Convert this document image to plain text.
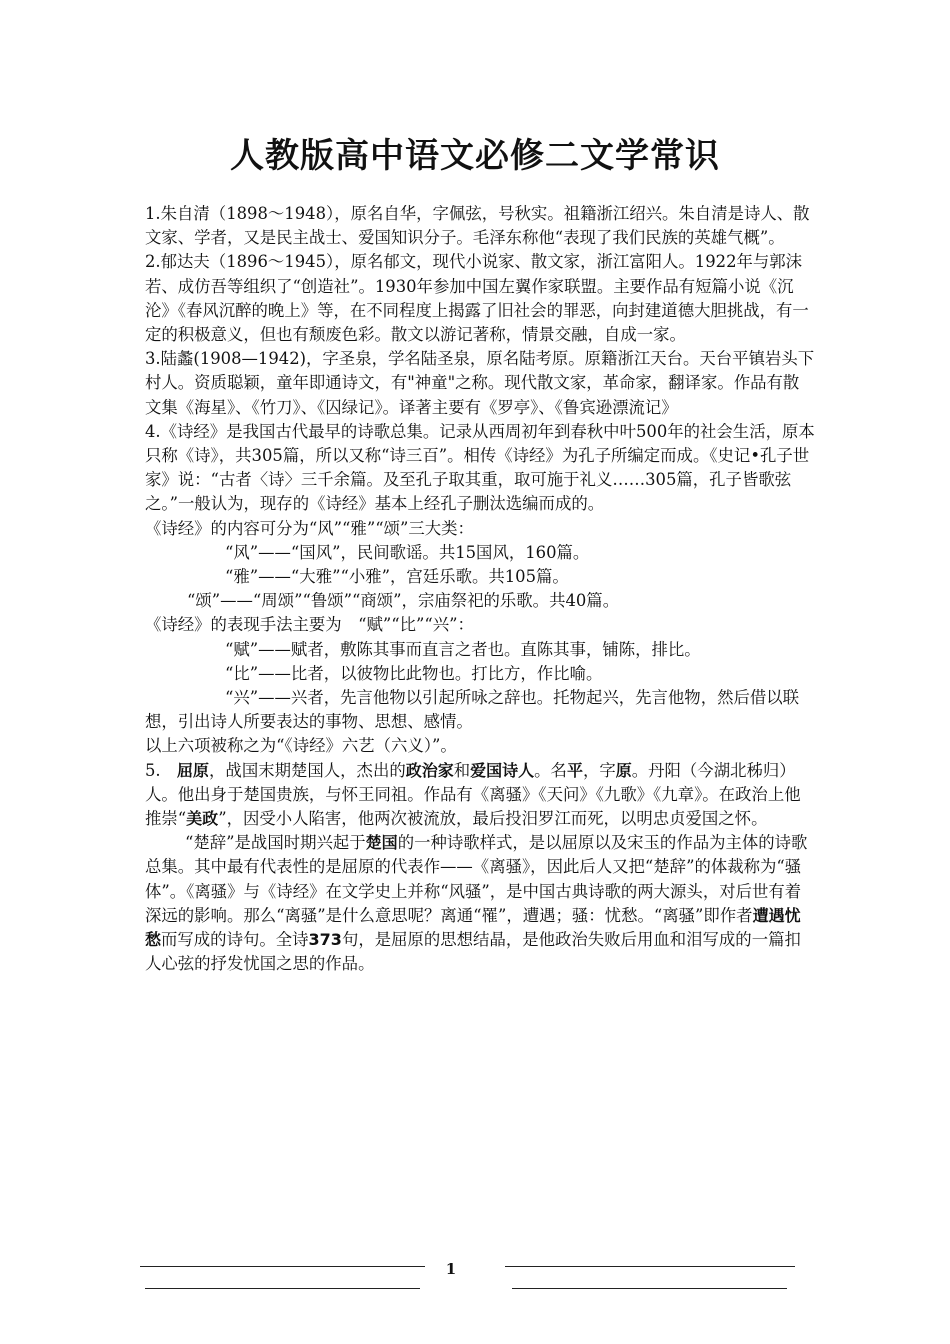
人教版高中语文必修二文学常识

1.朱自清（1898～1948），原名自华，字佩弦，号秋实。祖籍浙江绍兴。朱自清是诗人、散文家、学者，又是民主战士、爱国知识分子。毛泽东称他“表现了我们民族的英雄气概”。

2.郁达夫（1896～1945），原名郁文，现代小说家、散文家，浙江富阳人。1922年与郭沫若、成仿吾等组织了“创造社”。1930年参加中国左翼作家联盟。主要作品有短篇小说《沉沦》《春风沉醉的晚上》等，在不同程度上揭露了旧社会的罪恶，向封建道德大胆挑战，有一定的积极意义，但也有颓废色彩。散文以游记著称，情景交融，自成一家。

3.陆蠡(1908—1942)，字圣泉，学名陆圣泉，原名陆考原。原籍浙江天台。天台平镇岩头下村人。资质聪颖，童年即通诗文，有"神童"之称。现代散文家，革命家，翻译家。作品有散文集《海星》、《竹刀》、《囚绿记》。译著主要有《罗亭》、《鲁宾逊漂流记》

4.《诗经》是我国古代最早的诗歌总集。记录从西周初年到春秋中叶500年的社会生活，原本只称《诗》，共305篇，所以又称“诗三百”。相传《诗经》为孔子所编定而成。《史记•孔子世家》说：“古者〈诗〉三千余篇。及至孔子取其重，取可施于礼义……305篇，孔子皆歌弦之。”一般认为，现存的《诗经》基本上经孔子删汰选编而成的。

《诗经》的内容可分为“风”“雅”“颂”三大类：

“风”——“国风”，民间歌谣。共15国风，160篇。

“雅”——“大雅”“小雅”，宫廷乐歌。共105篇。

“颂”——“周颂”“鲁颂”“商颂”，宗庙祭祀的乐歌。共40篇。

《诗经》的表现手法主要为　“赋”“比”“兴”：

“赋”——赋者，敷陈其事而直言之者也。直陈其事，铺陈，排比。

“比”——比者，以彼物比此物也。打比方，作比喻。

“兴”——兴者，先言他物以引起所咏之辞也。托物起兴，先言他物，然后借以联想，引出诗人所要表达的事物、思想、感情。

以上六项被称之为“《诗经》六艺（六义）”。

5.　屈原，战国末期楚国人，杰出的政治家和爱国诗人。名平，字原。丹阳（今湖北秭归）人。他出身于楚国贵族，与怀王同祖。作品有《离骚》《天问》《九歌》《九章》。在政治上他推崇“美政”，因受小人陷害，他两次被流放，最后投汨罗江而死，以明忠贞爱国之怀。

“楚辞”是战国时期兴起于楚国的一种诗歌样式，是以屈原以及宋玉的作品为主体的诗歌总集。其中最有代表性的是屈原的代表作——《离骚》，因此后人又把“楚辞”的体裁称为“骚体”。《离骚》与《诗经》在文学史上并称“风骚”，是中国古典诗歌的两大源头，对后世有着深远的影响。那么“离骚”是什么意思呢？离通“罹”，遭遇；骚：忧愁。“离骚”即作者遭遇忧愁而写成的诗句。全诗373句，是屈原的思想结晶，是他政治失败后用血和泪写成的一篇扣人心弦的抒发忧国之思的作品。

1
